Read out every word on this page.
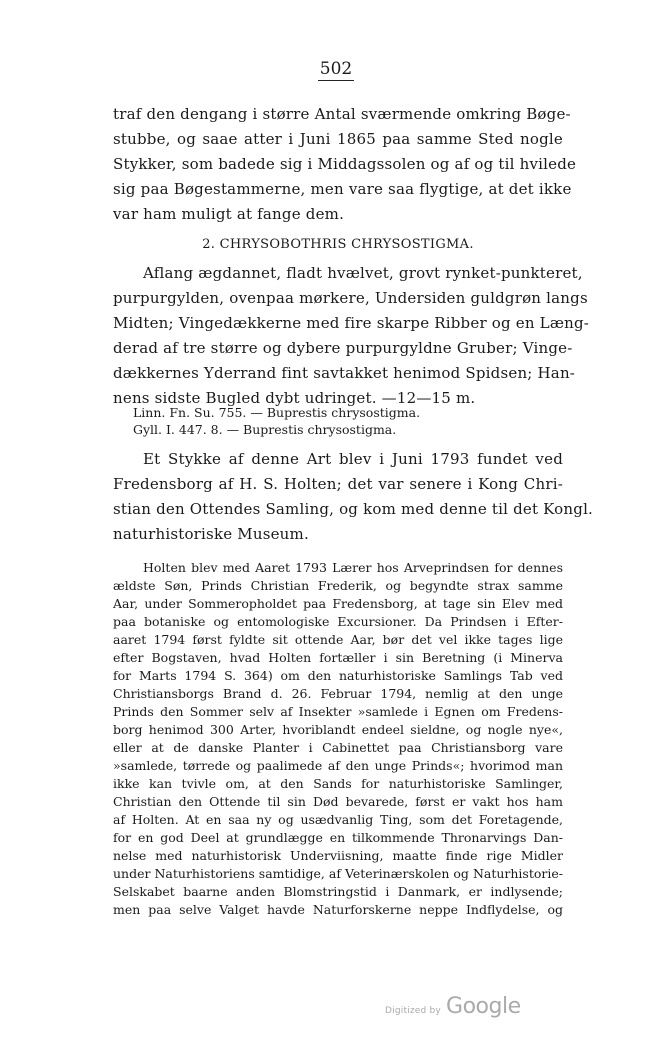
502
traf den dengang i større Antal sværmende omkring Bøge-
stubbe, og saae atter i Juni 1865 paa samme Sted nogle
Stykker, som badede sig i Middagssolen og af og til hvilede
sig paa Bøgestammerne, men vare saa flygtige, at det ikke
var ham muligt at fange dem.
2. CHRYSOBOTHRIS CHRYSOSTIGMA.
Aflang ægdannet, fladt hvælvet, grovt rynket-punkteret,
purpurgylden, ovenpaa mørkere, Undersiden guldgrøn langs
Midten; Vingedækkerne med fire skarpe Ribber og en Læng-
derad af tre større og dybere purpurgyldne Gruber; Vinge-
dækkernes Yderrand fint savtakket henimod Spidsen; Han-
nens sidste Bugled dybt udringet. —12—15 m.
Linn. Fn. Su. 755. — Buprestis chrysostigma.
Gyll. I. 447. 8. — Buprestis chrysostigma.
Et Stykke af denne Art blev i Juni 1793 fundet ved
Fredensborg af H. S. Holten; det var senere i Kong Chri-
stian den Ottendes Samling, og kom med denne til det Kongl.
naturhistoriske Museum.
Holten blev med Aaret 1793 Lærer hos Arveprindsen for dennes
ældste Søn, Prinds Christian Frederik, og begyndte strax samme
Aar, under Sommeropholdet paa Fredensborg, at tage sin Elev med
paa botaniske og entomologiske Excursioner. Da Prindsen i Efter-
aaret 1794 først fyldte sit ottende Aar, bør det vel ikke tages lige
efter Bogstaven, hvad Holten fortæller i sin Beretning (i Minerva
for Marts 1794 S. 364) om den naturhistoriske Samlings Tab ved
Christiansborgs Brand d. 26. Februar 1794, nemlig at den unge
Prinds den Sommer selv af Insekter »samlede i Egnen om Fredens-
borg henimod 300 Arter, hvoriblandt endeel sieldne, og nogle nye«,
eller at de danske Planter i Cabinettet paa Christiansborg vare
»samlede, tørrede og paalimede af den unge Prinds«; hvorimod man
ikke kan tvivle om, at den Sands for naturhistoriske Samlinger,
Christian den Ottende til sin Død bevarede, først er vakt hos ham
af Holten. At en saa ny og usædvanlig Ting, som det Foretagende,
for en god Deel at grundlægge en tilkommende Thronarvings Dan-
nelse med naturhistorisk Underviisning, maatte finde rige Midler
under Naturhistoriens samtidige, af Veterinærskolen og Naturhistorie-
Selskabet baarne anden Blomstringstid i Danmark, er indlysende;
men paa selve Valget havde Naturforskerne neppe Indflydelse, og
Digitized by Google
